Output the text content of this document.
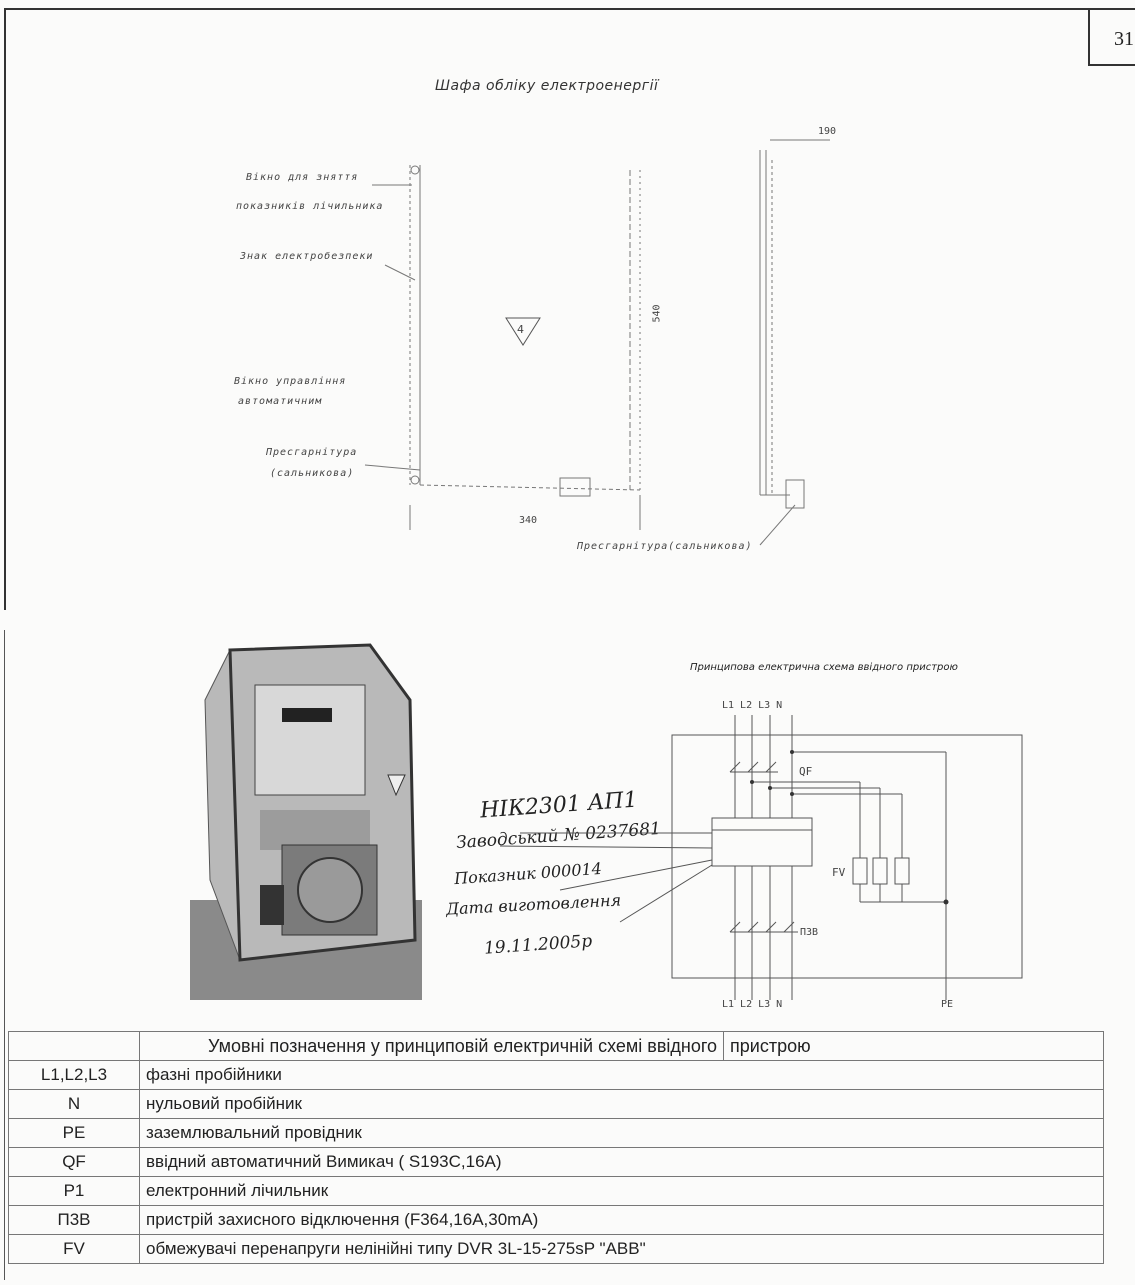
31
Шафа обліку електроенергії
Вікно для зняття
показників лічильника
Знак електробезпеки
Вікно управління
автоматичним
Пресгарнітура
(сальникова)
Пресгарнітура(сальникова)
340
540
190
4
НІК2301 АП1
Заводський № 0237681
Показник 000014
Дата виготовлення
19.11.2005р
Принципова електрична схема ввідного пристрою
L1 L2 L3 N
L1 L2 L3 N	PE
QF
FV
П3В

	Умовні позначення у принциповій електричній схемі ввідного пристрою

L1,L2,L3	фазні пробійники
N	нульовий пробійник
PE	заземлювальний провідник
QF	ввідний автоматичний Вимикач ( S193C,16A)
P1	електронний лічильник
П3В	пристрій захисного відключення (F364,16A,30mA)
FV	обмежувачі перенапруги нелінійні типу DVR 3L-15-275sP "ABB"
